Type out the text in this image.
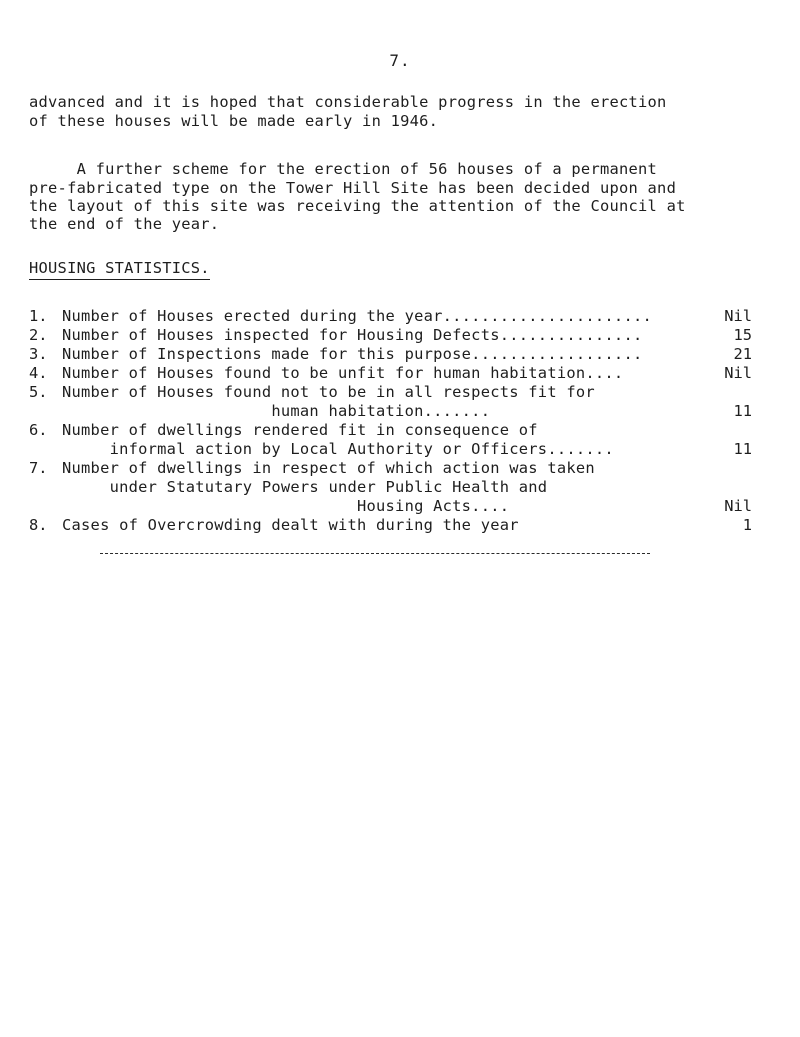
7.
advanced and it is hoped that considerable progress in the erection
of these houses will be made early in 1946.
A further scheme for the erection of 56 houses of a permanent
pre-fabricated type on the Tower Hill Site has been decided upon and
the layout of this site was receiving the attention of the Council at
the end of the year.
HOUSING STATISTICS.
1. Number of Houses erected during the year......................	Nil
2. Number of Houses inspected for Housing Defects...............	15
3. Number of Inspections made for this purpose..................	21
4. Number of Houses found to be unfit for human habitation....	Nil
5. Number of Houses found not to be in all respects fit for
human habitation.......	11
6. Number of dwellings rendered fit in consequence of
informal action by Local Authority or Officers.......	11
7. Number of dwellings in respect of which action was taken
under Statutary Powers under Public Health and
Housing Acts....	Nil
8. Cases of Overcrowding dealt with during the year	1
